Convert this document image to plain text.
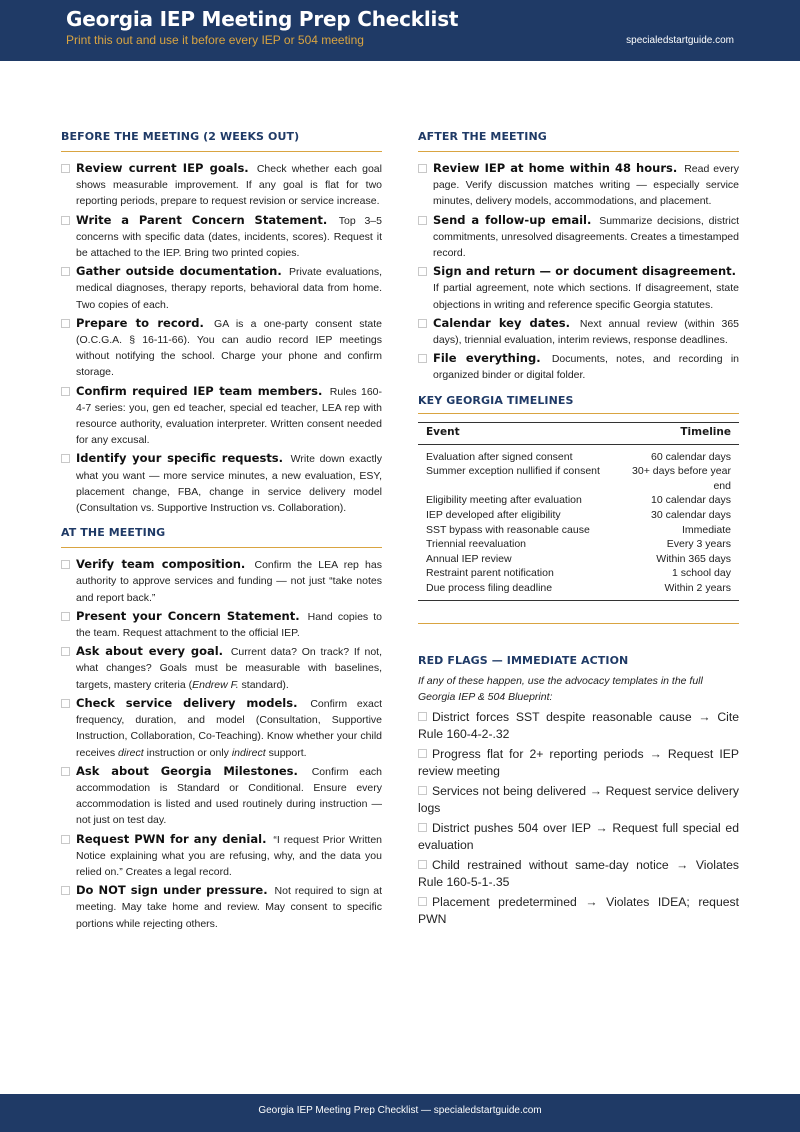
Georgia IEP Meeting Prep Checklist
Print this out and use it before every IEP or 504 meeting	specialedstartguide.com
BEFORE THE MEETING (2 WEEKS OUT)
Review current IEP goals. Check whether each goal shows measurable improvement. If any goal is flat for two reporting periods, prepare to request revision or service increase.
Write a Parent Concern Statement. Top 3–5 concerns with specific data (dates, incidents, scores). Request it be attached to the IEP. Bring two printed copies.
Gather outside documentation. Private evaluations, medical diagnoses, therapy reports, behavioral data from home. Two copies of each.
Prepare to record. GA is a one-party consent state (O.C.G.A. § 16-11-66). You can audio record IEP meetings without notifying the school. Charge your phone and confirm storage.
Confirm required IEP team members. Rules 160-4-7 series: you, gen ed teacher, special ed teacher, LEA rep with resource authority, evaluation interpreter. Written consent needed for any excusal.
Identify your specific requests. Write down exactly what you want — more service minutes, a new evaluation, ESY, placement change, FBA, change in service delivery model (Consultation vs. Supportive Instruction vs. Collaboration).
AT THE MEETING
Verify team composition. Confirm the LEA rep has authority to approve services and funding — not just “take notes and report back.”
Present your Concern Statement. Hand copies to the team. Request attachment to the official IEP.
Ask about every goal. Current data? On track? If not, what changes? Goals must be measurable with baselines, targets, mastery criteria (Endrew F. standard).
Check service delivery models. Confirm exact frequency, duration, and model (Consultation, Supportive Instruction, Collaboration, Co-Teaching). Know whether your child receives direct instruction or only indirect support.
Ask about Georgia Milestones. Confirm each accommodation is Standard or Conditional. Ensure every accommodation is listed and used routinely during instruction — not just on test day.
Request PWN for any denial. “I request Prior Written Notice explaining what you are refusing, why, and the data you relied on.” Creates a legal record.
Do NOT sign under pressure. Not required to sign at meeting. May take home and review. May consent to specific portions while rejecting others.
AFTER THE MEETING
Review IEP at home within 48 hours. Read every page. Verify discussion matches writing — especially service minutes, delivery models, accommodations, and placement.
Send a follow-up email. Summarize decisions, district commitments, unresolved disagreements. Creates a timestamped record.
Sign and return — or document disagreement. If partial agreement, note which sections. If disagreement, state objections in writing and reference specific Georgia statutes.
Calendar key dates. Next annual review (within 365 days), triennial evaluation, interim reviews, response deadlines.
File everything. Documents, notes, and recording in organized binder or digital folder.
KEY GEORGIA TIMELINES
Event	Timeline
Evaluation after signed consent	60 calendar days
Summer exception nullified if consent	30+ days before year end
Eligibility meeting after evaluation	10 calendar days
IEP developed after eligibility	30 calendar days
SST bypass with reasonable cause	Immediate
Triennial reevaluation	Every 3 years
Annual IEP review	Within 365 days
Restraint parent notification	1 school day
Due process filing deadline	Within 2 years
RED FLAGS — IMMEDIATE ACTION
If any of these happen, use the advocacy templates in the full Georgia IEP & 504 Blueprint:
District forces SST despite reasonable cause → Cite Rule 160-4-2-.32
Progress flat for 2+ reporting periods → Request IEP review meeting
Services not being delivered → Request service delivery logs
District pushes 504 over IEP → Request full special ed evaluation
Child restrained without same-day notice → Violates Rule 160-5-1-.35
Placement predetermined → Violates IDEA; request PWN
Georgia IEP Meeting Prep Checklist — specialedstartguide.com
